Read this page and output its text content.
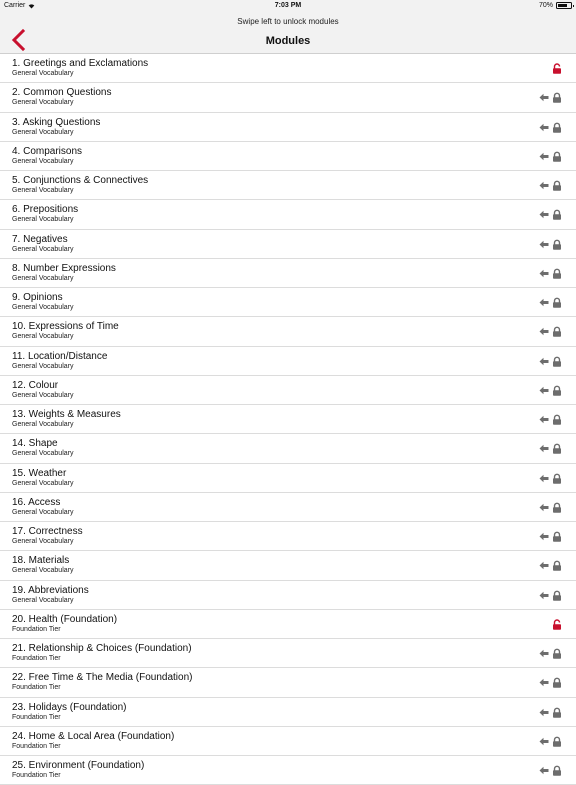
Carrier	7:03 PM	70%
Swipe left to unlock modules
Modules
1. Greetings and Exclamations
General Vocabulary
2. Common Questions
General Vocabulary
3. Asking Questions
General Vocabulary
4. Comparisons
General Vocabulary
5. Conjunctions & Connectives
General Vocabulary
6. Prepositions
General Vocabulary
7. Negatives
General Vocabulary
8. Number Expressions
General Vocabulary
9. Opinions
General Vocabulary
10. Expressions of Time
General Vocabulary
11. Location/Distance
General Vocabulary
12. Colour
General Vocabulary
13. Weights & Measures
General Vocabulary
14. Shape
General Vocabulary
15. Weather
General Vocabulary
16. Access
General Vocabulary
17. Correctness
General Vocabulary
18. Materials
General Vocabulary
19. Abbreviations
General Vocabulary
20. Health (Foundation)
Foundation Tier
21. Relationship & Choices (Foundation)
Foundation Tier
22. Free Time & The Media (Foundation)
Foundation Tier
23. Holidays (Foundation)
Foundation Tier
24. Home & Local Area (Foundation)
Foundation Tier
25. Environment (Foundation)
Foundation Tier
